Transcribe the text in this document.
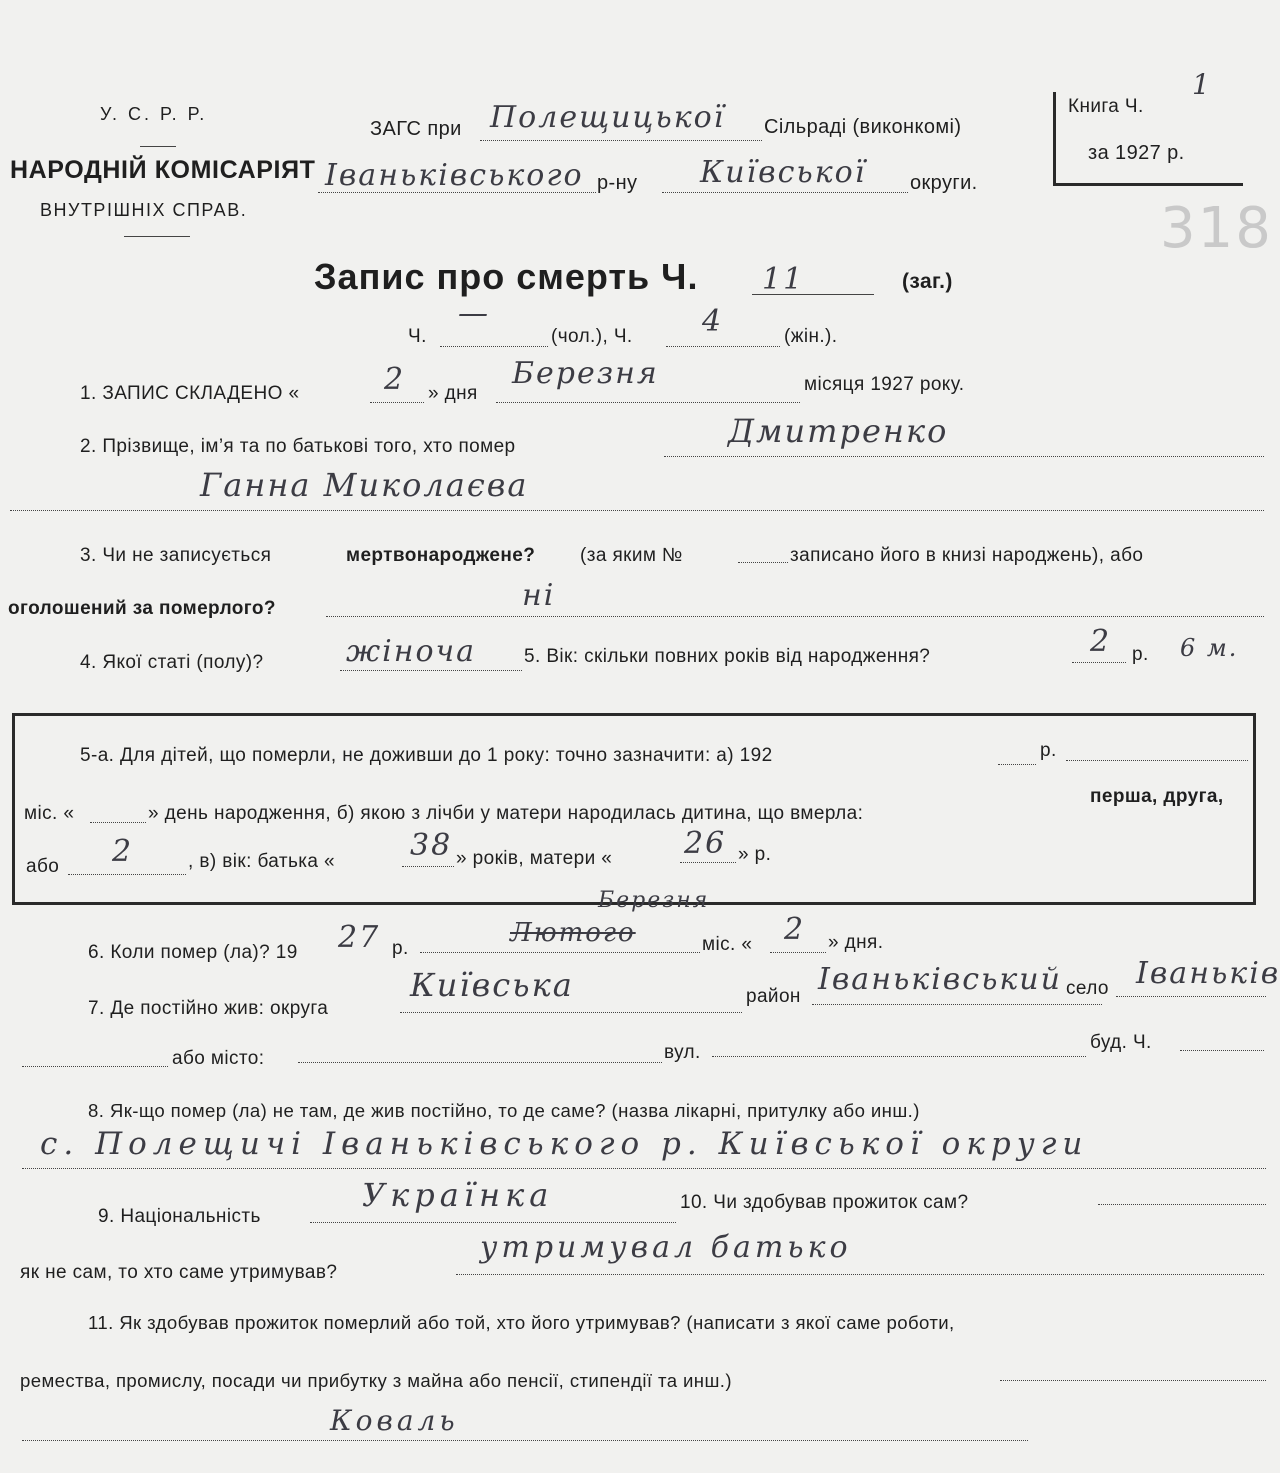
У. С. Р. Р.
НАРОДНІЙ КОМІСАРІЯТ
ВНУТРІШНІХ СПРАВ.
ЗАГС при Полещицької Сільраді (виконкомі)
Іваньківського р-ну Київської округи.
Книга Ч.
1
за 1927 р.
318
Запис про смерть Ч. 11	(заг.)
Ч.
—
(чол.), Ч. 4	(жін.).
1. ЗАПИС СКЛАДЕНО «	2 » дня
Березня	місяця 1927 року.
2. Прізвище, ім’я та по батькові того, хто помер	Дмитренко
Ганна Миколаєва
3. Чи не записується	мертвонароджене? (за яким №	записано його в книзі народжень), або
оголошений за померлого?	ні
4. Якої статі (полу)?	жіноча	5. Вік: скільки повних років від народження?	2 р. 6 м.
5-а. Для дітей, що померли, не доживши до 1 року: точно зазначити: а) 192	р.
міс. «	» день народження, б) якою з лічби у матери народилась дитина, що вмерла:
перша, друга,
або 2	, в) вік: батька «	38 » років, матери « 26 » р.
6. Коли помер (ла)? 19 27 р.
Лютого
Березня
міс. « 2 » дня.
7. Де постійно жив: округа
Київська	район Іваньківський село Іваньків
або місто:	вул.	буд. Ч.
8. Як-що помер (ла) не там, де жив постійно, то де саме? (назва лікарні, притулку або инш.)
с. Полещичі Іваньківського р. Київської округи
9. Національність
Українка	10. Чи здобував прожиток сам?
як не сам, то хто саме утримував?
утримувал батько
11. Як здобував прожиток померлий або той, хто його утримував? (написати з якої саме роботи,
ремества, промислу, посади чи прибутку з майна або пенсії, стипендії та инш.)
Коваль
